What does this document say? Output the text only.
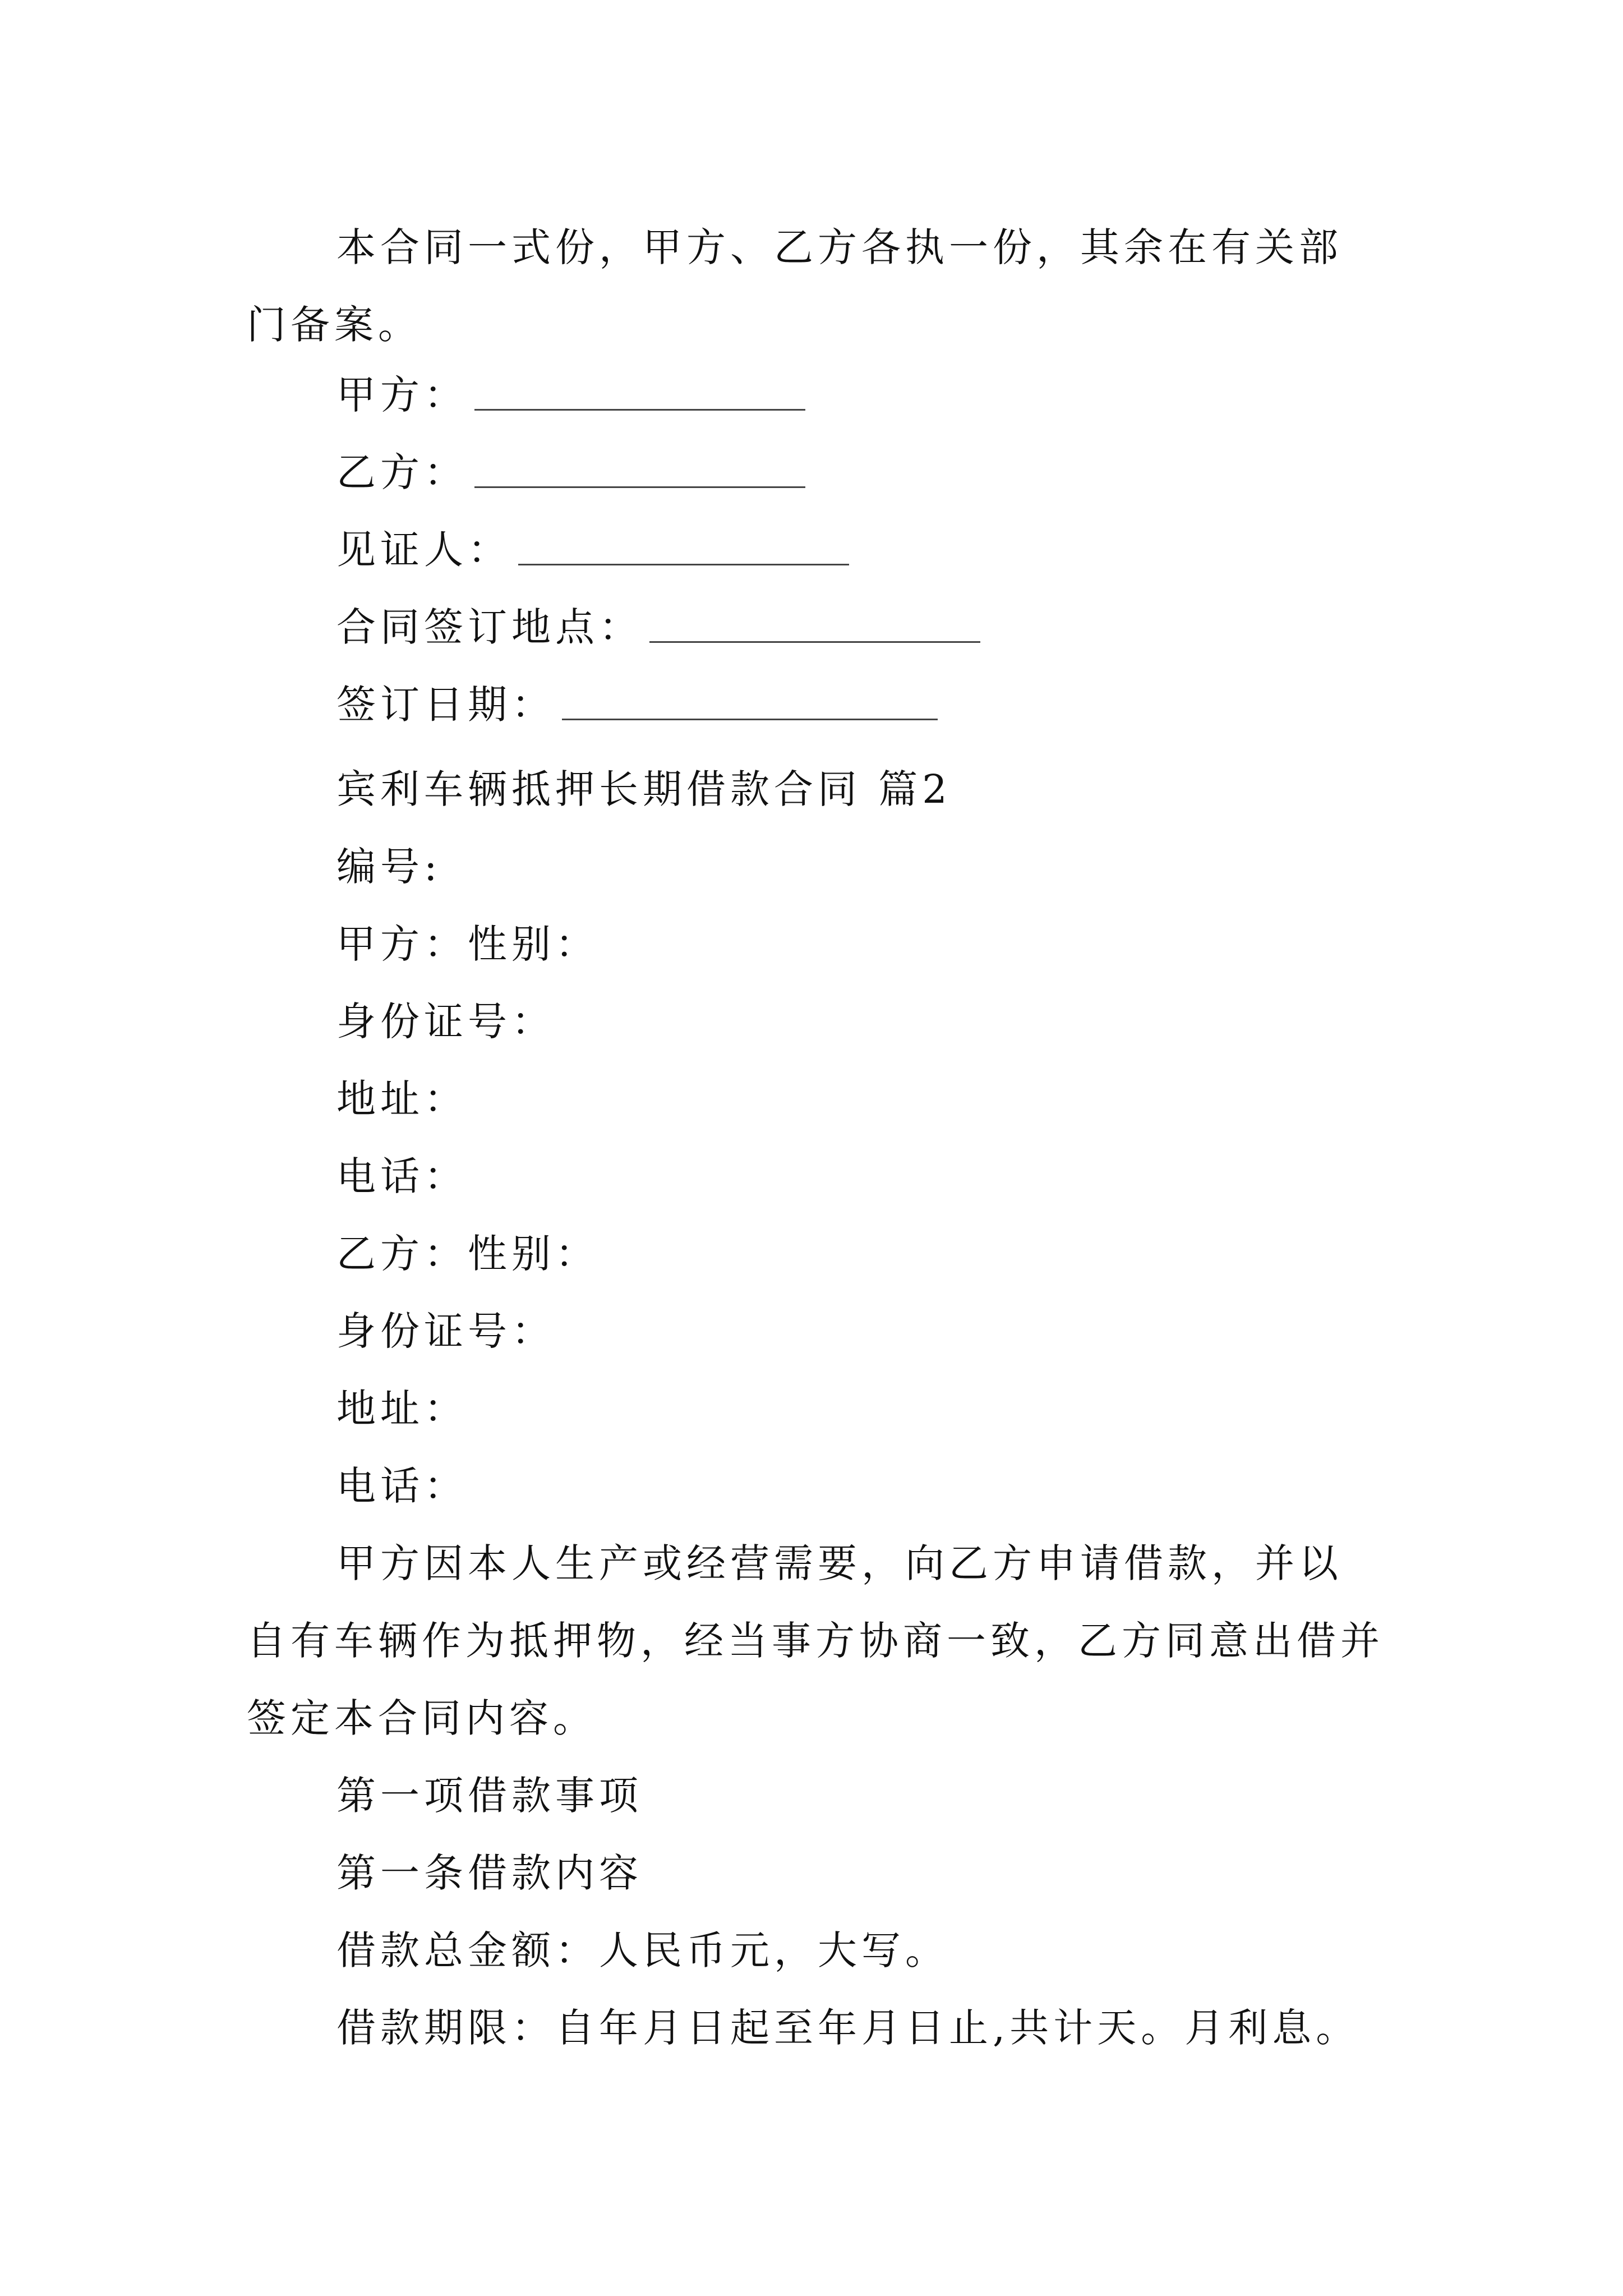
本合同一式份，甲方、乙方各执一份，其余在有关部门备案。

甲方：
乙方：
见证人：
合同签订地点：
签订日期：

宾利车辆抵押长期借款合同 篇2

编号:

甲方：性别：

身份证号：

地址：

电话：

乙方：性别：

身份证号：

地址：

电话：

甲方因本人生产或经营需要，向乙方申请借款，并以自有车辆作为抵押物，经当事方协商一致，乙方同意出借并签定本合同内容。

第一项借款事项

第一条借款内容

借款总金额：人民币元，大写。

借款期限：自年月日起至年月日止,共计天。月利息。
